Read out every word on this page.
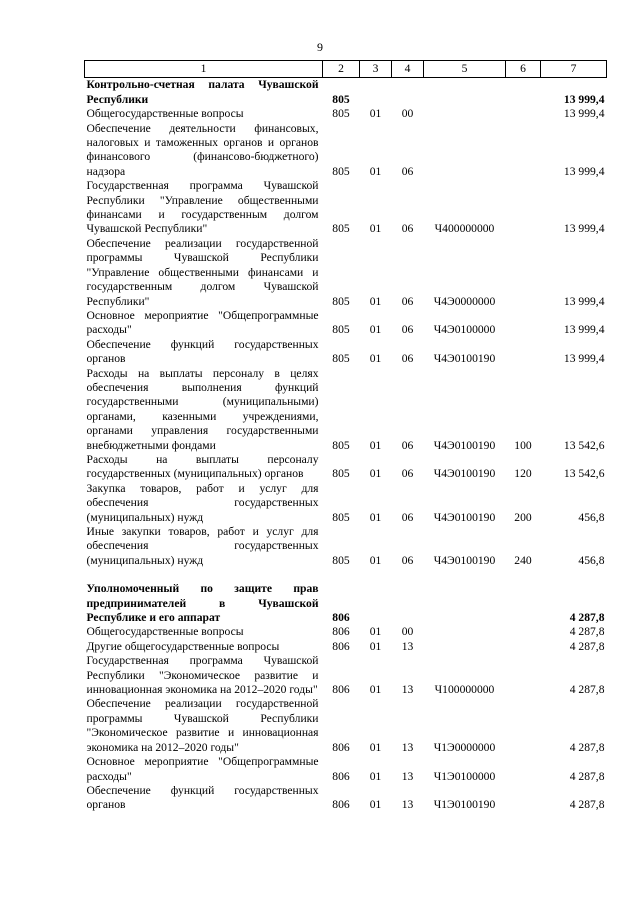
9
1	2	3	4	5	6	7
Контрольно-счетная палата Чувашской Республики	805					13 999,4
Общегосударственные вопросы	805	01	00			13 999,4
Обеспечение деятельности финансовых, налоговых и таможенных органов и органов финансового (финансово-бюджетного) надзора	805	01	06			13 999,4
Государственная программа Чувашской Республики "Управление общественными финансами и государственным долгом Чувашской Республики"	805	01	06	Ч400000000		13 999,4
Обеспечение реализации государственной программы Чувашской Республики "Управление общественными финансами и государственным долгом Чувашской Республики"	805	01	06	Ч4Э0000000		13 999,4
Основное мероприятие "Общепрограммные расходы"	805	01	06	Ч4Э0100000		13 999,4
Обеспечение функций государственных органов	805	01	06	Ч4Э0100190		13 999,4
Расходы на выплаты персоналу в целях обеспечения выполнения функций государственными (муниципальными) органами, казенными учреждениями, органами управления государственными внебюджетными фондами	805	01	06	Ч4Э0100190	100	13 542,6
Расходы на выплаты персоналу государственных (муниципальных) органов	805	01	06	Ч4Э0100190	120	13 542,6
Закупка товаров, работ и услуг для обеспечения государственных (муниципальных) нужд	805	01	06	Ч4Э0100190	200	456,8
Иные закупки товаров, работ и услуг для обеспечения государственных (муниципальных) нужд	805	01	06	Ч4Э0100190	240	456,8

Уполномоченный по защите прав предпринимателей в Чувашской Республике и его аппарат	806					4 287,8
Общегосударственные вопросы	806	01	00			4 287,8
Другие общегосударственные вопросы	806	01	13			4 287,8
Государственная программа Чувашской Республики "Экономическое развитие и инновационная экономика на 2012–2020 годы"	806	01	13	Ч100000000		4 287,8
Обеспечение реализации государственной программы Чувашской Республики "Экономическое развитие и инновационная экономика на 2012–2020 годы"	806	01	13	Ч1Э0000000		4 287,8
Основное мероприятие "Общепрограммные расходы"	806	01	13	Ч1Э0100000		4 287,8
Обеспечение функций государственных органов	806	01	13	Ч1Э0100190		4 287,8
